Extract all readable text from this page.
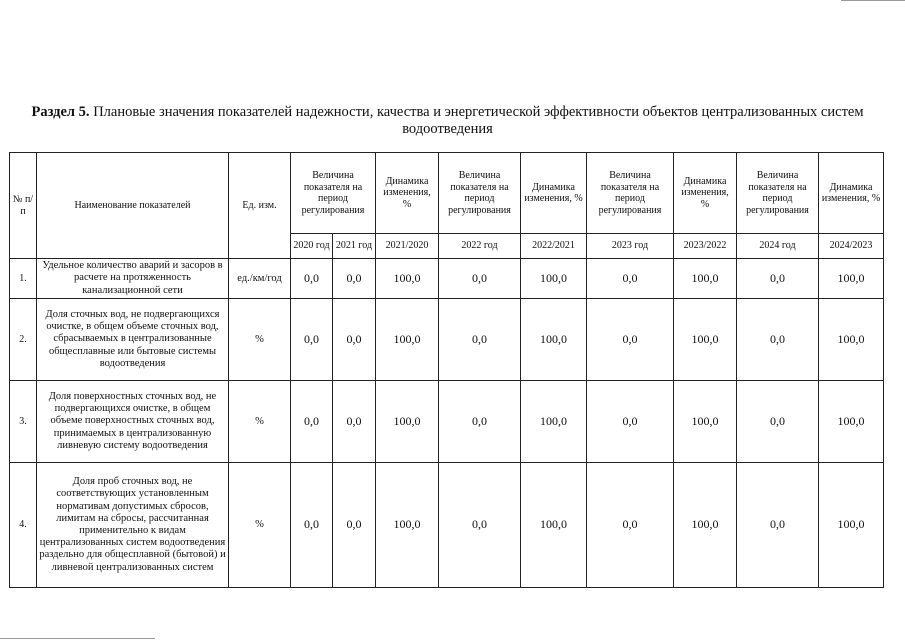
Раздел 5. Плановые значения показателей надежности, качества и энергетической эффективности объектов централизованных систем водоотведения
№ п/п	Наименование показателей	Ед. изм.	Величина показателя на период регулирования		Динамика изменения, %	Величина показателя на период регулирования	Динамика изменения, %	Величина показателя на период регулирования	Динамика изменения, %	Величина показателя на период регулирования	Динамика изменения, %
			2020 год	2021 год	2021/2020	2022 год	2022/2021	2023 год	2023/2022	2024 год	2024/2023
1.	Удельное количество аварий и засоров в расчете на протяженность канализационной сети	ед./км/год	0,0	0,0	100,0	0,0	100,0	0,0	100,0	0,0	100,0
2.	Доля сточных вод, не подвергающихся очистке, в общем объеме сточных вод, сбрасываемых в централизованные общесплавные или бытовые системы водоотведения	%	0,0	0,0	100,0	0,0	100,0	0,0	100,0	0,0	100,0
3.	Доля поверхностных сточных вод, не подвергающихся очистке, в общем объеме поверхностных сточных вод, принимаемых в централизованную ливневую систему водоотведения	%	0,0	0,0	100,0	0,0	100,0	0,0	100,0	0,0	100,0
4.	Доля проб сточных вод, не соответствующих установленным нормативам допустимых сбросов, лимитам на сбросы, рассчитанная применительно к видам централизованных систем водоотведения раздельно для общесплавной (бытовой) и ливневой централизованных систем	%	0,0	0,0	100,0	0,0	100,0	0,0	100,0	0,0	100,0
